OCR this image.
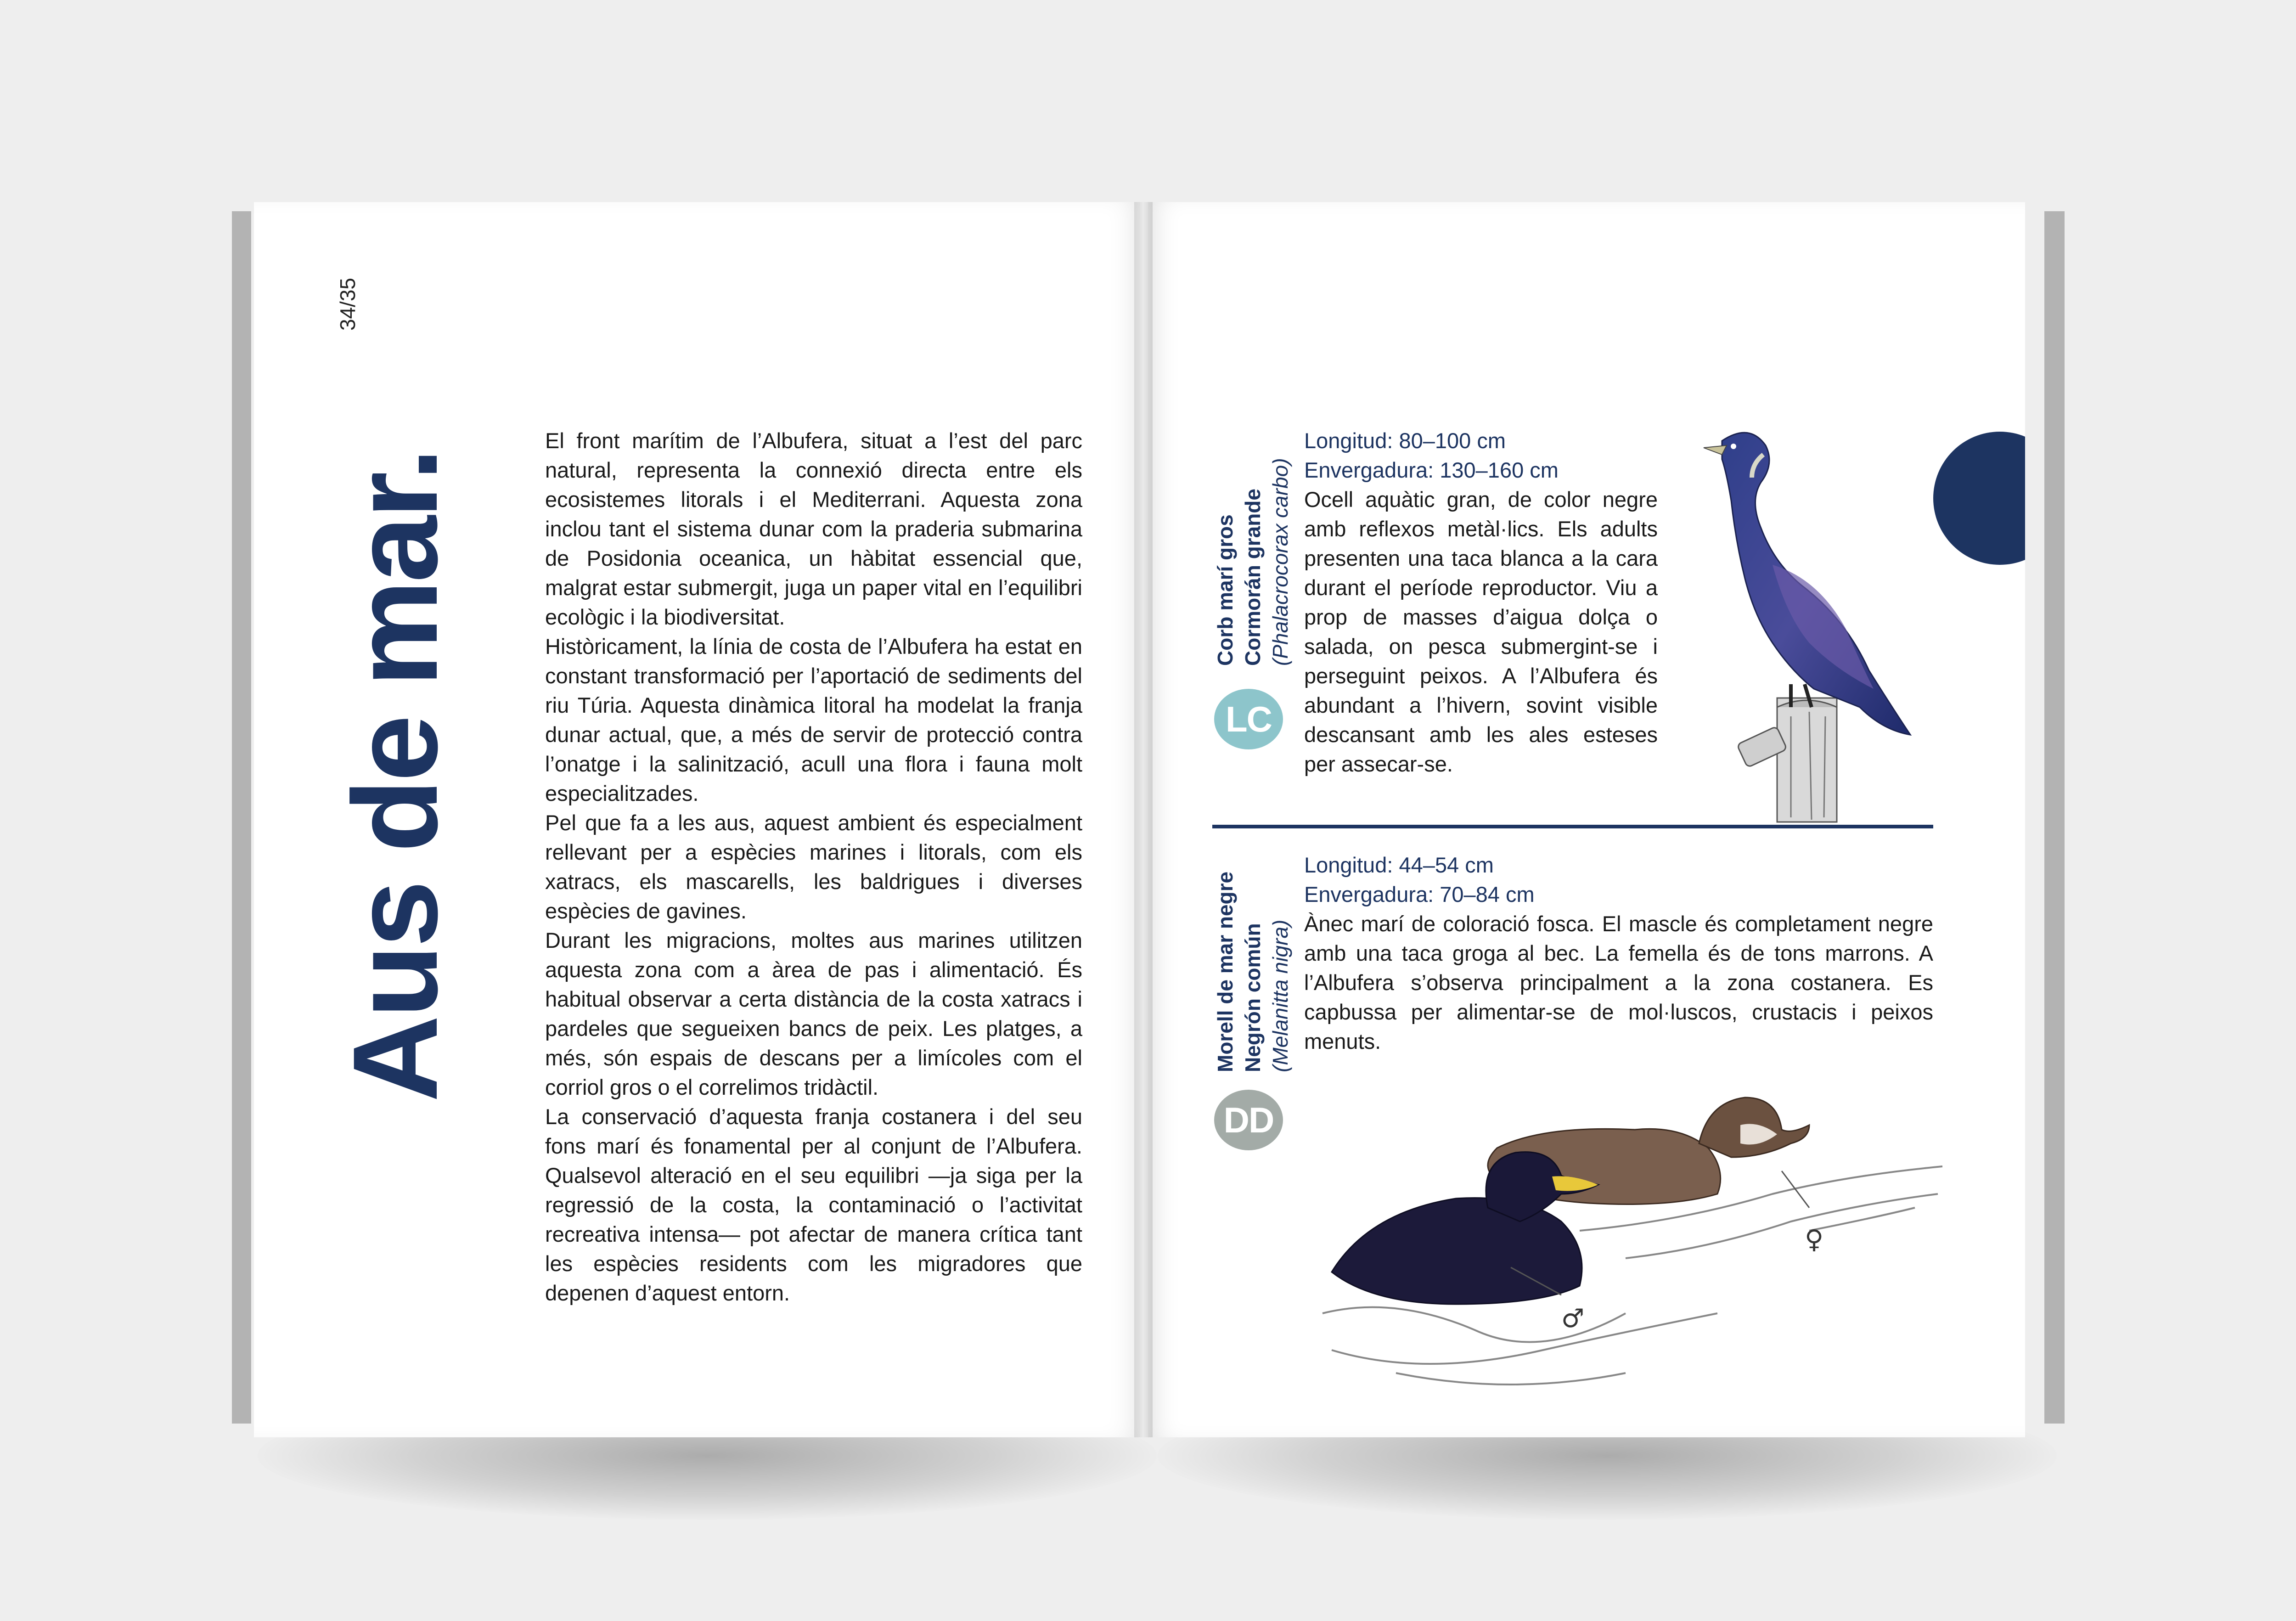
34/35
Aus de mar.

El front marítim de l’Albufera, situat a l’est del parc natural, representa la connexió directa entre els ecosistemes litorals i el Mediterrani. Aquesta zona inclou tant el sistema dunar com la praderia submarina de Posidonia oceanica, un hàbitat essencial que, malgrat estar submergit, juga un paper vital en l’equilibri ecològic i la biodiversitat.

Històricament, la línia de costa de l’Albufera ha estat en constant transformació per l’aportació de sediments del riu Túria. Aquesta dinàmica litoral ha modelat la franja dunar actual, que, a més de servir de protecció contra l’onatge i la salinització, acull una flora i fauna molt especialitzades.

Pel que fa a les aus, aquest ambient és especialment rellevant per a espècies marines i litorals, com els xatracs, els mascarells, les baldrigues i diverses espècies de gavines.

Durant les migracions, moltes aus marines utilitzen aquesta zona com a àrea de pas i alimentació. És habitual observar a certa distància de la costa xatracs i pardeles que segueixen bancs de peix. Les platges, a més, són espais de descans per a limícoles com el corriol gros o el correlimos tridàctil.

La conservació d’aquesta franja costanera i del seu fons marí és fonamental per al conjunt de l’Albufera. Qualsevol alteració en el seu equilibri —ja siga per la regressió de la costa, la contaminació o l’activitat recreativa intensa— pot afectar de manera crítica tant les espècies residents com les migradores que depenen d’aquest entorn.

Corb marí gros Cormorán grande (Phalacrocorax carbo)
LC
Longitud: 80–100 cm
Envergadura: 130–160 cm
Ocell aquàtic gran, de color negre amb reflexos metàl·lics. Els adults presenten una taca blanca a la cara durant el període reproductor. Viu a prop de masses d’aigua dolça o salada, on pesca submergint-se i perseguint peixos. A l’Albufera és abundant a l’hivern, sovint visible descansant amb les ales esteses per assecar-se.
Morell de mar negre Negrón común (Melanitta nigra)
DD
Longitud: 44–54 cm
Envergadura: 70–84 cm
Ànec marí de coloració fosca. El mascle és completament negre amb una taca groga al bec. La femella és de tons marrons. A l’Albufera s’observa principalment a la zona costanera. Es capbussa per alimentar-se de mol·luscos, crustacis i peixos menuts.
♀
♂
